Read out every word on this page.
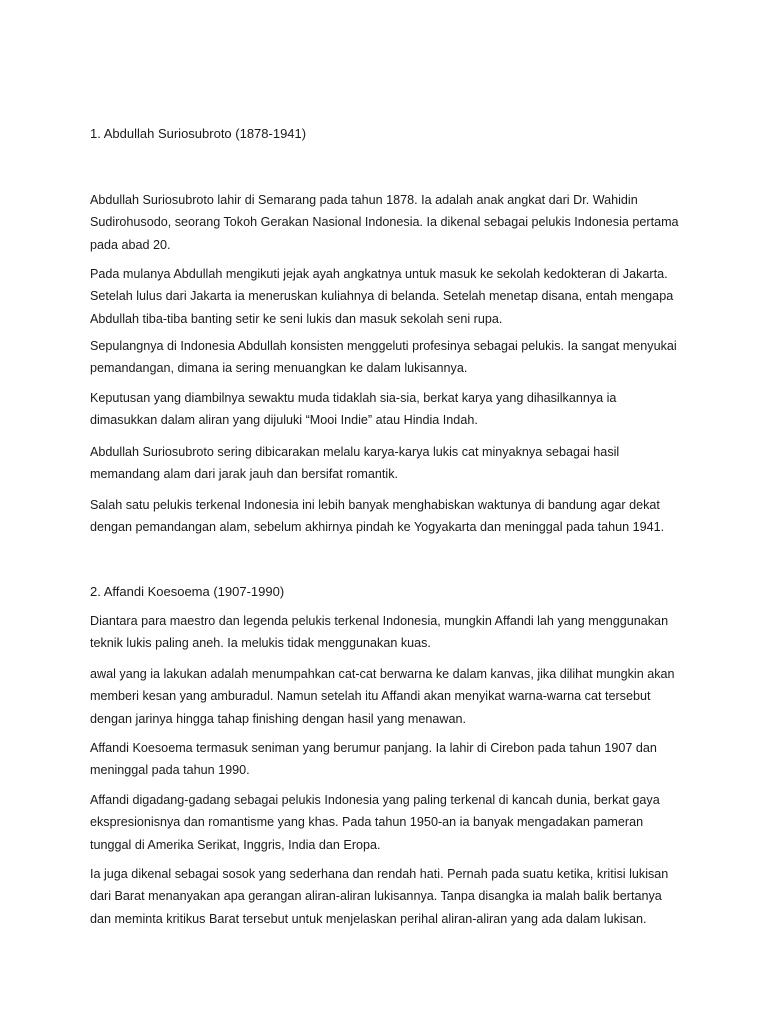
1. Abdullah Suriosubroto (1878-1941)

Abdullah Suriosubroto lahir di Semarang pada tahun 1878. Ia adalah anak angkat dari Dr. Wahidin
Sudirohusodo, seorang Tokoh Gerakan Nasional Indonesia. Ia dikenal sebagai pelukis Indonesia pertama
pada abad 20.

Pada mulanya Abdullah mengikuti jejak ayah angkatnya untuk masuk ke sekolah kedokteran di Jakarta.
Setelah lulus dari Jakarta ia meneruskan kuliahnya di belanda. Setelah menetap disana, entah mengapa
Abdullah tiba-tiba banting setir ke seni lukis dan masuk sekolah seni rupa.

Sepulangnya di Indonesia Abdullah konsisten menggeluti profesinya sebagai pelukis. Ia sangat menyukai
pemandangan, dimana ia sering menuangkan ke dalam lukisannya.

Keputusan yang diambilnya sewaktu muda tidaklah sia-sia, berkat karya yang dihasilkannya ia
dimasukkan dalam aliran yang dijuluki “Mooi Indie” atau Hindia Indah.

Abdullah Suriosubroto sering dibicarakan melalu karya-karya lukis cat minyaknya sebagai hasil
memandang alam dari jarak jauh dan bersifat romantik.

Salah satu pelukis terkenal Indonesia ini lebih banyak menghabiskan waktunya di bandung agar dekat
dengan pemandangan alam, sebelum akhirnya pindah ke Yogyakarta dan meninggal pada tahun 1941.

2. Affandi Koesoema (1907-1990)

Diantara para maestro dan legenda pelukis terkenal Indonesia, mungkin Affandi lah yang menggunakan
teknik lukis paling aneh. Ia melukis tidak menggunakan kuas.

awal yang ia lakukan adalah menumpahkan cat-cat berwarna ke dalam kanvas, jika dilihat mungkin akan
memberi kesan yang amburadul. Namun setelah itu Affandi akan menyikat warna-warna cat tersebut
dengan jarinya hingga tahap finishing dengan hasil yang menawan.

Affandi Koesoema termasuk seniman yang berumur panjang. Ia lahir di Cirebon pada tahun 1907 dan
meninggal pada tahun 1990.

Affandi digadang-gadang sebagai pelukis Indonesia yang paling terkenal di kancah dunia, berkat gaya
ekspresionisnya dan romantisme yang khas. Pada tahun 1950-an ia banyak mengadakan pameran
tunggal di Amerika Serikat, Inggris, India dan Eropa.

Ia juga dikenal sebagai sosok yang sederhana dan rendah hati. Pernah pada suatu ketika, kritisi lukisan
dari Barat menanyakan apa gerangan aliran-aliran lukisannya. Tanpa disangka ia malah balik bertanya
dan meminta kritikus Barat tersebut untuk menjelaskan perihal aliran-aliran yang ada dalam lukisan.
